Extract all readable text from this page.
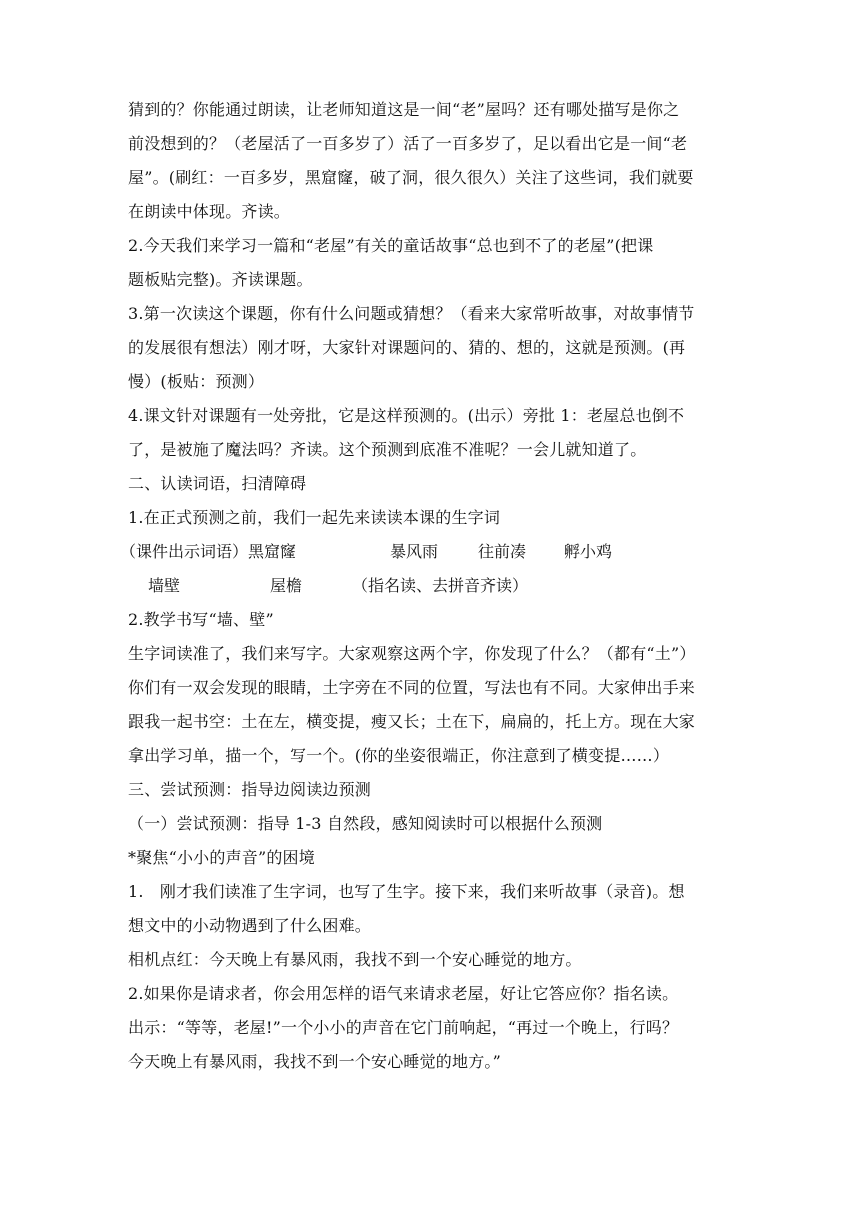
猜到的？你能通过朗读，让老师知道这是一间“老”屋吗？还有哪处描写是你之
前没想到的？（老屋活了一百多岁了）活了一百多岁了，足以看出它是一间“老
屋”。(刷红：一百多岁，黑窟窿，破了洞，很久很久）关注了这些词，我们就要
在朗读中体现。齐读。
2.今天我们来学习一篇和“老屋”有关的童话故事“总也到不了的老屋”(把课
题板贴完整)。齐读课题。
3.第一次读这个课题，你有什么问题或猜想？（看来大家常听故事，对故事情节
的发展很有想法）刚才呀，大家针对课题问的、猜的、想的，这就是预测。(再
慢）(板贴：预测）
4.课文针对课题有一处旁批，它是这样预测的。(出示）旁批 1：老屋总也倒不
了，是被施了魔法吗？齐读。这个预测到底准不准呢？一会儿就知道了。
二、认读词语，扫清障碍
1.在正式预测之前，我们一起先来读读本课的生字词
（课件出示词语）黑窟窿	暴风雨 往前凑 孵小鸡
墙壁	屋檐	（指名读、去拼音齐读）
2.教学书写“墙、壁”
生字词读准了，我们来写字。大家观察这两个字，你发现了什么？（都有“土”）
你们有一双会发现的眼睛，土字旁在不同的位置，写法也有不同。大家伸出手来
跟我一起书空：土在左，横变提，瘦又长；土在下，扁扁的，托上方。现在大家
拿出学习单，描一个，写一个。(你的坐姿很端正，你注意到了横变提……）
三、尝试预测：指导边阅读边预测
（一）尝试预测：指导 1-3 自然段，感知阅读时可以根据什么预测
*聚焦“小小的声音”的困境
1.　刚才我们读准了生字词，也写了生字。接下来，我们来听故事（录音)。想
想文中的小动物遇到了什么困难。
相机点红：今天晚上有暴风雨，我找不到一个安心睡觉的地方。
2.如果你是请求者，你会用怎样的语气来请求老屋，好让它答应你？指名读。
出示：“等等，老屋!”一个小小的声音在它门前响起，“再过一个晚上，行吗？
今天晚上有暴风雨，我找不到一个安心睡觉的地方。”
